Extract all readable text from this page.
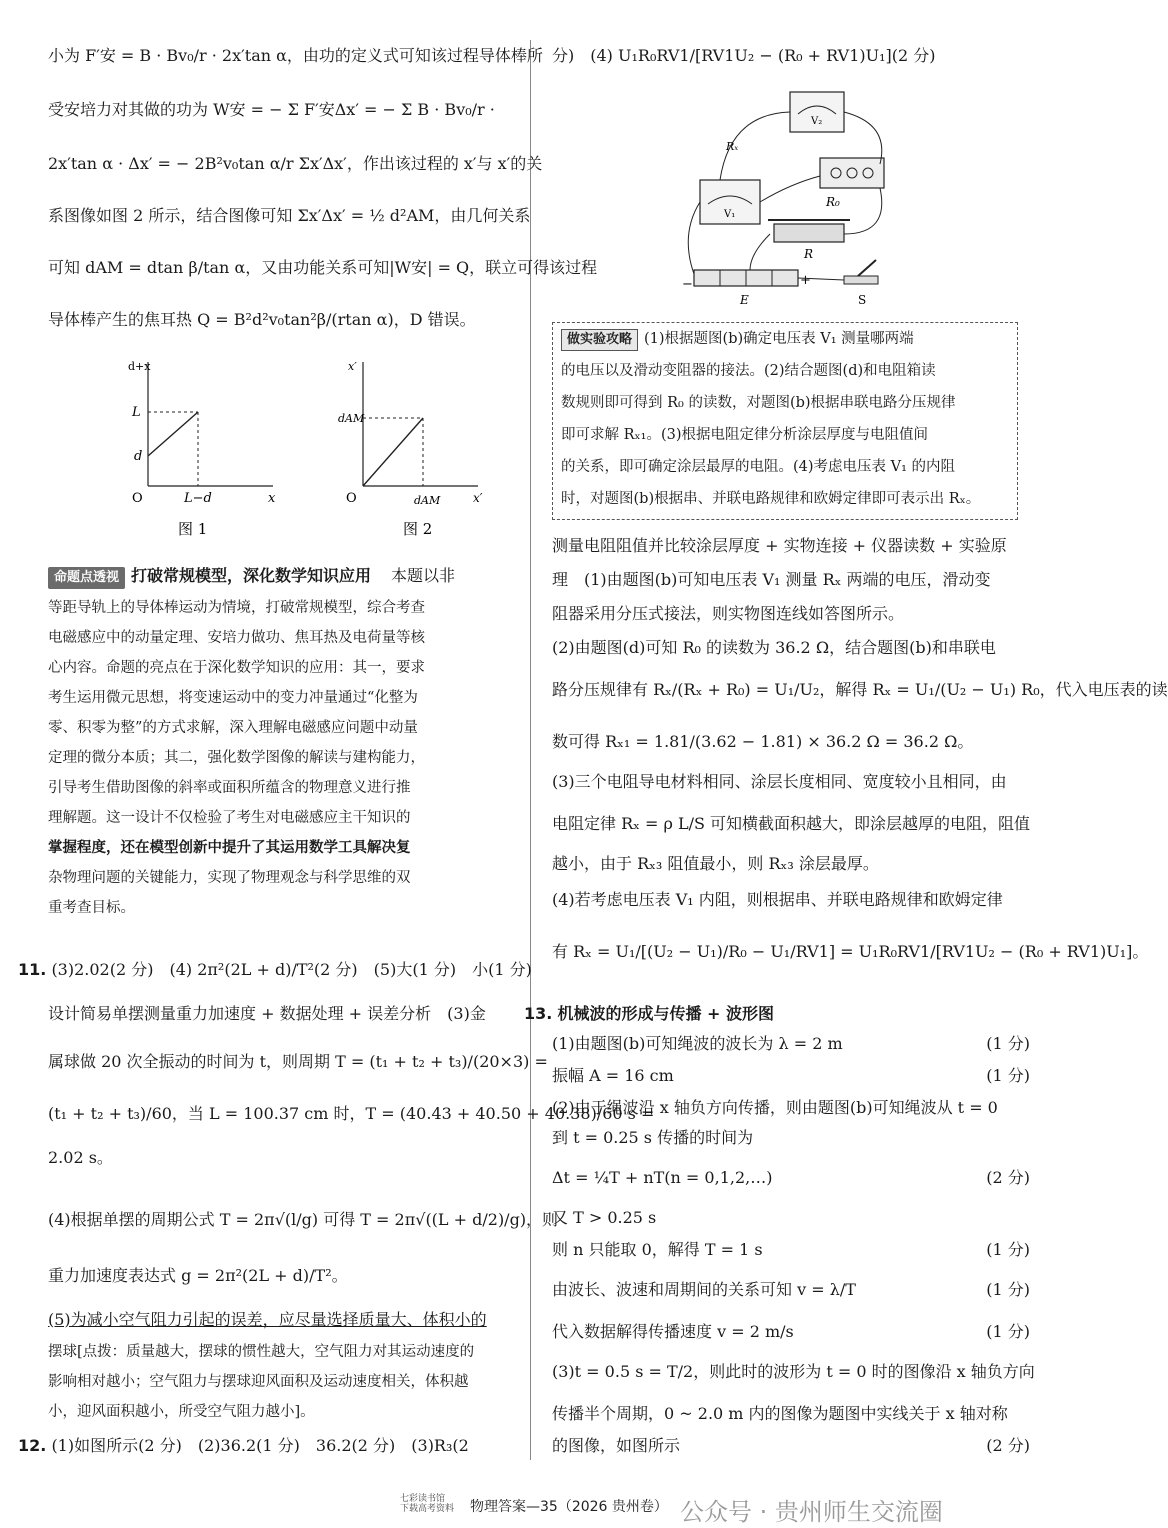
小为 F′安 = B · Bv₀/r · 2x′tan α，由功的定义式可知该过程导体棒所
受安培力对其做的功为 W安 = − Σ F′安Δx′ = − Σ B · Bv₀/r ·
2x′tan α · Δx′ = − 2B²v₀tan α/r Σx′Δx′，作出该过程的 x′与 x′的关
系图像如图 2 所示，结合图像可知 Σx′Δx′ = ½ d²AM，由几何关系
可知 dAM = dtan β/tan α，又由功能关系可知|W安| = Q，联立可得该过程
导体棒产生的焦耳热 Q = B²d²v₀tan²β/(rtan α)，D 错误。
d+x
L
d
O	L−d	x
图 1
x′
dAM
O	dAM	x′
图 2
命题点透视 打破常规模型，深化数学知识应用 本题以非
等距导轨上的导体棒运动为情境，打破常规模型，综合考查
电磁感应中的动量定理、安培力做功、焦耳热及电荷量等核
心内容。命题的亮点在于深化数学知识的应用：其一，要求
考生运用微元思想，将变速运动中的变力冲量通过“化整为
零、积零为整”的方式求解，深入理解电磁感应问题中动量
定理的微分本质；其二，强化数学图像的解读与建构能力，
引导考生借助图像的斜率或面积所蕴含的物理意义进行推
理解题。这一设计不仅检验了考生对电磁感应主干知识的
掌握程度，还在模型创新中提升了其运用数学工具解决复
杂物理问题的关键能力，实现了物理观念与科学思维的双
重考查目标。
11. (3)2.02(2 分)　(4) 2π²(2L + d)/T²(2 分)　(5)大(1 分)　小(1 分)
设计简易单摆测量重力加速度 + 数据处理 + 误差分析　(3)金
属球做 20 次全振动的时间为 t，则周期 T = (t₁ + t₂ + t₃)/(20×3) =
(t₁ + t₂ + t₃)/60，当 L = 100.37 cm 时，T = (40.43 + 40.50 + 40.38)/60 s =
2.02 s。
(4)根据单摆的周期公式 T = 2π√(l/g) 可得 T = 2π√((L + d/2)/g)，则
重力加速度表达式 g = 2π²(2L + d)/T²。
(5)为减小空气阻力引起的误差，应尽量选择质量大、体积小的
摆球[点拨：质量越大，摆球的惯性越大，空气阻力对其运动速度的
影响相对越小；空气阻力与摆球迎风面积及运动速度相关，体积越
小，迎风面积越小，所受空气阻力越小]。
12. (1)如图所示(2 分)　(2)36.2(1 分)　36.2(2 分)　(3)R₃(2
分)　(4) U₁R₀RV1/[RV1U₂ − (R₀ + RV1)U₁](2 分)
V₂
V₁
R₀
R
Rₓ
−	+
E	S
做实验攻略 (1)根据题图(b)确定电压表 V₁ 测量哪两端
的电压以及滑动变阻器的接法。(2)结合题图(d)和电阻箱读
数规则即可得到 R₀ 的读数，对题图(b)根据串联电路分压规律
即可求解 Rₓ₁。(3)根据电阻定律分析涂层厚度与电阻值间
的关系，即可确定涂层最厚的电阻。(4)考虑电压表 V₁ 的内阻
时，对题图(b)根据串、并联电路规律和欧姆定律即可表示出 Rₓ。
测量电阻阻值并比较涂层厚度 + 实物连接 + 仪器读数 + 实验原
理　(1)由题图(b)可知电压表 V₁ 测量 Rₓ 两端的电压，滑动变
阻器采用分压式接法，则实物图连线如答图所示。
(2)由题图(d)可知 R₀ 的读数为 36.2 Ω，结合题图(b)和串联电
路分压规律有 Rₓ/(Rₓ + R₀) = U₁/U₂，解得 Rₓ = U₁/(U₂ − U₁) R₀，代入电压表的读
数可得 Rₓ₁ = 1.81/(3.62 − 1.81) × 36.2 Ω = 36.2 Ω。
(3)三个电阻导电材料相同、涂层长度相同、宽度较小且相同，由
电阻定律 Rₓ = ρ L/S 可知横截面积越大，即涂层越厚的电阻，阻值
越小，由于 Rₓ₃ 阻值最小，则 Rₓ₃ 涂层最厚。
(4)若考虑电压表 V₁ 内阻，则根据串、并联电路规律和欧姆定律
有 Rₓ = U₁/[(U₂ − U₁)/R₀ − U₁/RV1] = U₁R₀RV1/[RV1U₂ − (R₀ + RV1)U₁]。
13. 机械波的形成与传播 + 波形图
(1)由题图(b)可知绳波的波长为 λ = 2 m	(1 分)
振幅 A = 16 cm	(1 分)
(2)由于绳波沿 x 轴负方向传播，则由题图(b)可知绳波从 t = 0
到 t = 0.25 s 传播的时间为
Δt = ¼T + nT(n = 0,1,2,…)	(2 分)
又 T > 0.25 s
则 n 只能取 0，解得 T = 1 s	(1 分)
由波长、波速和周期间的关系可知 v = λ/T	(1 分)
代入数据解得传播速度 v = 2 m/s	(1 分)
(3)t = 0.5 s = T/2，则此时的波形为 t = 0 时的图像沿 x 轴负方向
传播半个周期，0 ~ 2.0 m 内的图像为题图中实线关于 x 轴对称
的图像，如图所示	(2 分)
七彩读书馆
下载高考资料 物理答案—35（2026 贵州卷） 公众号 · 贵州师生交流圈
